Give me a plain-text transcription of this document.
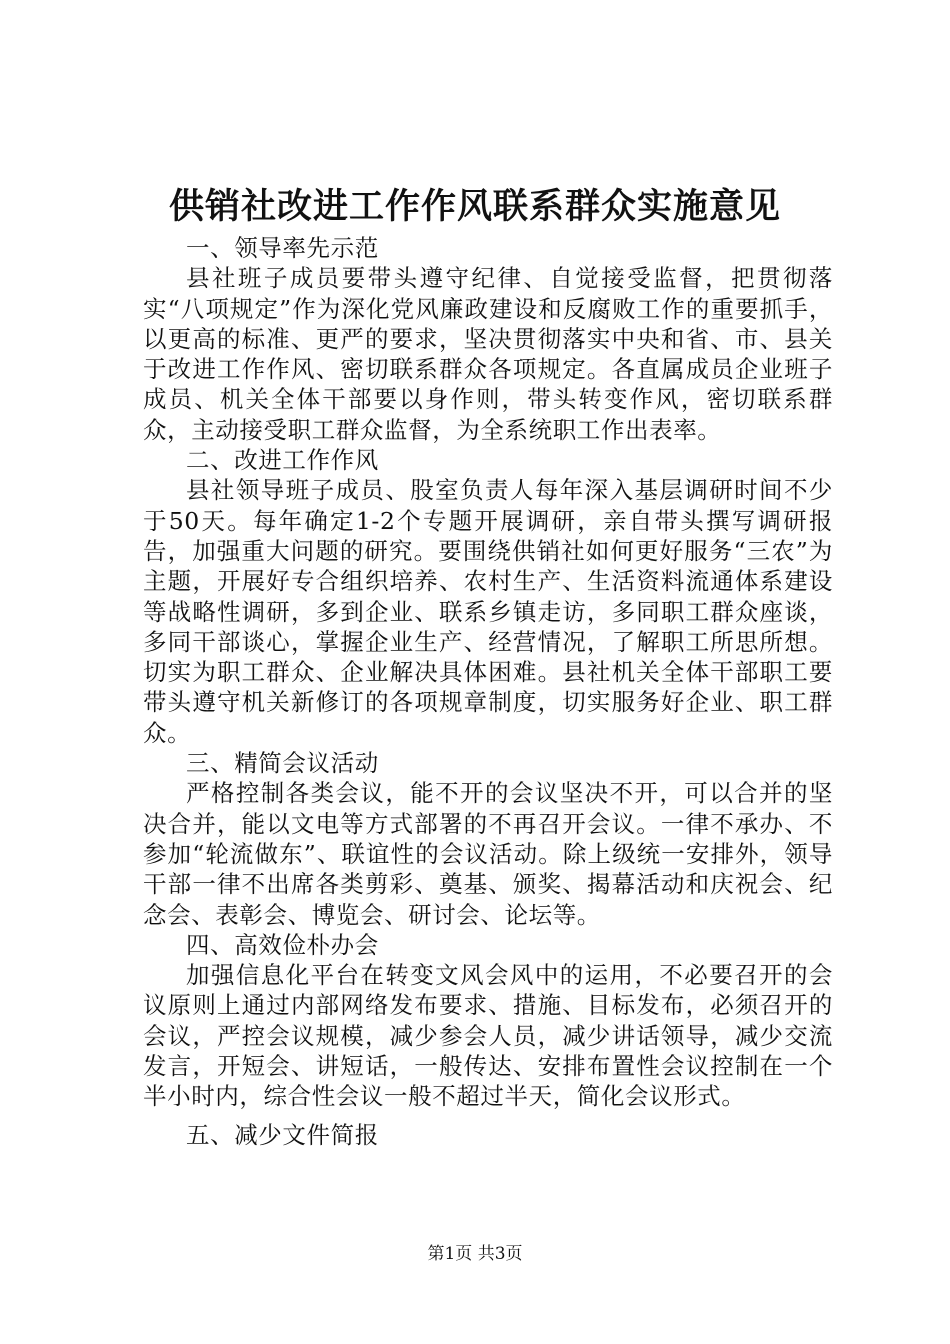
供销社改进工作作风联系群众实施意见

一、领导率先示范

县社班子成员要带头遵守纪律、自觉接受监督，把贯彻落实“八项规定”作为深化党风廉政建设和反腐败工作的重要抓手，以更高的标准、更严的要求，坚决贯彻落实中央和省、市、县关于改进工作作风、密切联系群众各项规定。各直属成员企业班子成员、机关全体干部要以身作则，带头转变作风，密切联系群众，主动接受职工群众监督，为全系统职工作出表率。

二、改进工作作风

县社领导班子成员、股室负责人每年深入基层调研时间不少于50天。每年确定1-2个专题开展调研，亲自带头撰写调研报告，加强重大问题的研究。要围绕供销社如何更好服务“三农”为主题，开展好专合组织培养、农村生产、生活资料流通体系建设等战略性调研，多到企业、联系乡镇走访，多同职工群众座谈，多同干部谈心，掌握企业生产、经营情况，了解职工所思所想。切实为职工群众、企业解决具体困难。县社机关全体干部职工要带头遵守机关新修订的各项规章制度，切实服务好企业、职工群众。

三、精简会议活动

严格控制各类会议，能不开的会议坚决不开，可以合并的坚决合并，能以文电等方式部署的不再召开会议。一律不承办、不参加“轮流做东”、联谊性的会议活动。除上级统一安排外，领导干部一律不出席各类剪彩、奠基、颁奖、揭幕活动和庆祝会、纪念会、表彰会、博览会、研讨会、论坛等。

四、高效俭朴办会

加强信息化平台在转变文风会风中的运用，不必要召开的会议原则上通过内部网络发布要求、措施、目标发布，必须召开的会议，严控会议规模，减少参会人员，减少讲话领导，减少交流发言，开短会、讲短话，一般传达、安排布置性会议控制在一个半小时内，综合性会议一般不超过半天，简化会议形式。

五、减少文件简报

第1页 共3页
